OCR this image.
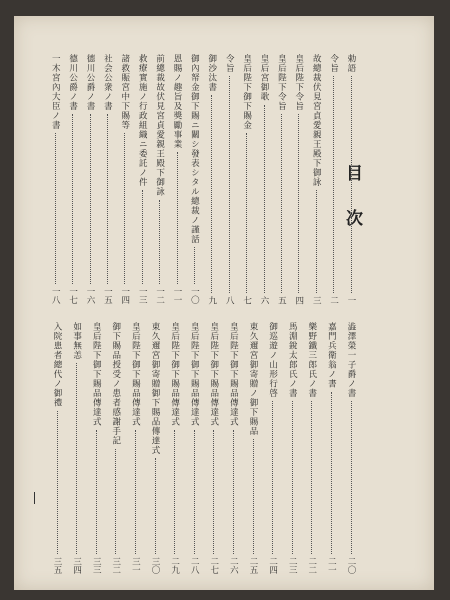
目次
勅語
一
令旨
二
故總裁伏見宮貞愛親王殿下御詠
三
皇后陛下令旨
四
皇后陛下令旨
五
皇后宮御歌
六
皇后陛下御下賜金
七
令旨
八
御沙汰書
九
御內帑金御下賜ニ關シ發表シタル總裁ノ謹話
一〇
恩賜ノ趣旨及獎勵事業
一一
前總裁故伏見宮貞愛親王殿下御詠
一二
救療實施ノ行政組織ニ委託ノ件
一三
諸救賑宮中下賜等
一四
社会公衆ノ書
一五
德川公爵ノ書
一六
德川公爵ノ書
一七
一木宮內大臣ノ書
一八
澁澤榮一子爵ノ書
二〇
嘉門兵衛翁ノ書
二一
樂野鐵三郎氏ノ書
二二
馬淵銳太郎氏ノ書
二三
御巡遊ノ山形行啓
二四
東久邇宮御寄贈ノ御下賜品
二五
皇后陛下御下賜品傳達式
二六
皇后陛下御下賜品傳達式
二七
皇后陛下御下賜品傳達式
二八
皇后陛下御下賜品傳達式
二九
東久邇宮御寄贈御下賜品傳達式
三〇
皇后陛下御下賜品傳達式
三一
御下賜品授受ノ患者感謝手記
三二
皇后陛下御下賜品傳達式
三三
如事無恙
三四
入院患者總代ノ御禮
三五
